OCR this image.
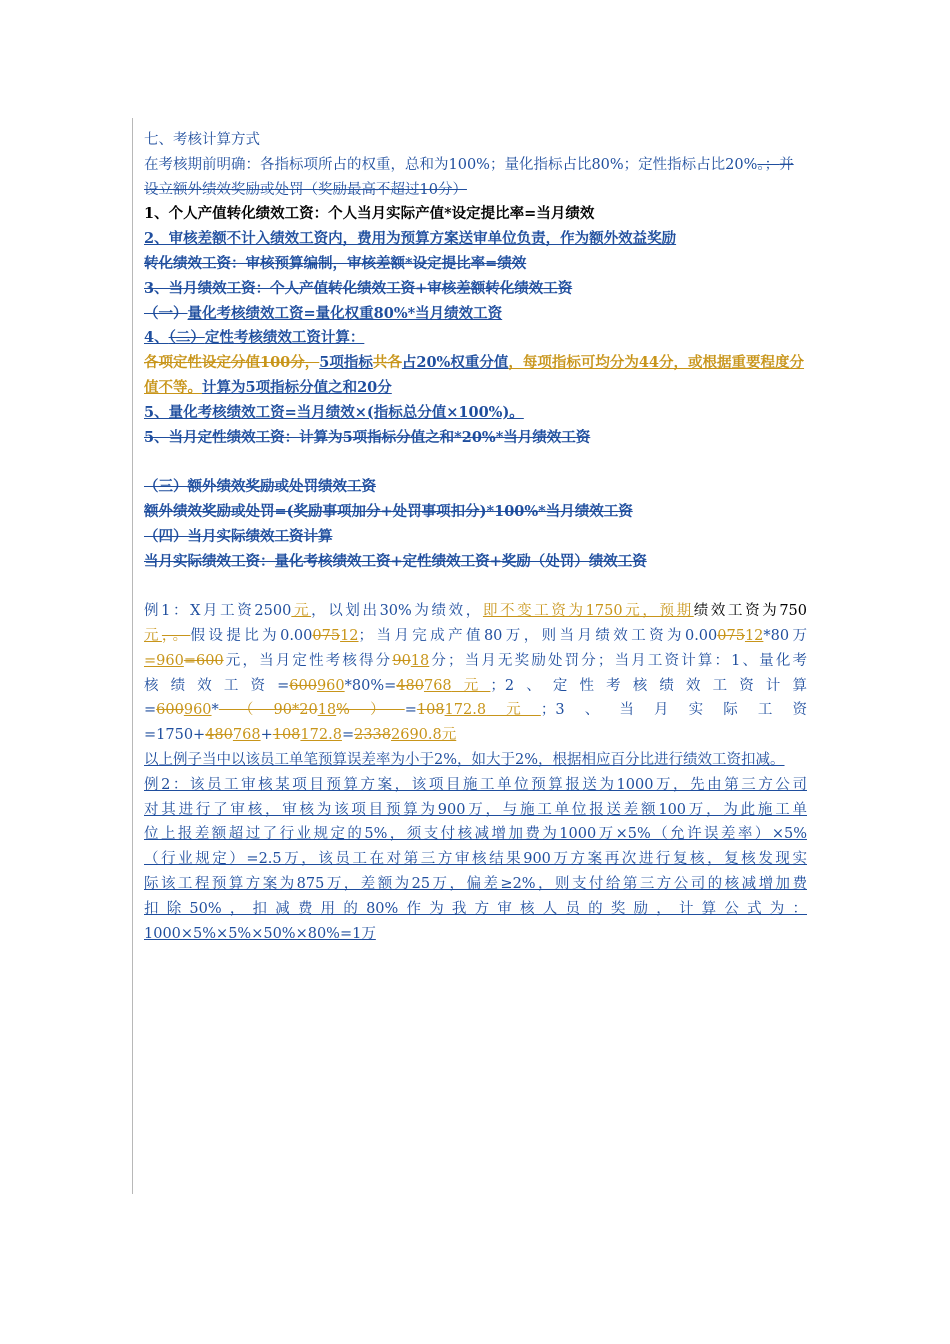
七、考核计算方式

在考核期前明确：各指标项所占的权重，总和为100%；量化指标占比80%；定性指标占比20%。；并设立额外绩效奖励或处罚（奖励最高不超过10分）

1、个人产值转化绩效工资：个人当月实际产值*设定提比率=当月绩效

2、审核差额不计入绩效工资内，费用为预算方案送审单位负责，作为额外效益奖励

转化绩效工资：审核预算编制，审核差额*设定提比率=绩效

3、当月绩效工资：个人产值转化绩效工资+审核差额转化绩效工资

（一）量化考核绩效工资=量化权重80%*当月绩效工资

4、（二）定性考核绩效工资计算：

各项定性设定分值100分，5项指标共各占20%权重分值，每项指标可均分为44分，或根据重要程度分值不等。计算为5项指标分值之和20分

5、量化考核绩效工资=当月绩效×(指标总分值×100%)。

5、当月定性绩效工资：计算为5项指标分值之和*20%*当月绩效工资

（三）额外绩效奖励或处罚绩效工资

额外绩效奖励或处罚=(奖励事项加分+处罚事项扣分)*100%*当月绩效工资

（四）当月实际绩效工资计算

当月实际绩效工资：量化考核绩效工资+定性绩效工资+奖励（处罚）绩效工资

例1：X月工资2500元，以划出30%为绩效，即不变工资为1750元，预期绩效工资为750

元，。假设提比为0.0007512；当月完成产值80万，则当月绩效工资为0.0007512*80万

=960=600元，当月定性考核得分9018分；当月无奖励处罚分；当月工资计算：1、量化考

核绩效工资=600960*80%=480768元；2、定性考核绩效工资计算

=600960*（90*2018%）=108172.8元；3、当月实际工资

=1750+480768+108172.8=23382690.8元

以上例子当中以该员工单笔预算误差率为小于2%，如大于2%，根据相应百分比进行绩效工资扣减。

例2：该员工审核某项目预算方案，该项目施工单位预算报送为1000万，先由第三方公司

对其进行了审核，审核为该项目预算为900万，与施工单位报送差额100万，为此施工单

位上报差额超过了行业规定的5%，须支付核减增加费为1000万×5%（允许误差率）×5%

（行业规定）=2.5万，该员工在对第三方审核结果900万方案再次进行复核，复核发现实

际该工程预算方案为875万，差额为25万，偏差≥2%，则支付给第三方公司的核减增加费

扣除50%，扣减费用的80%作为我方审核人员的奖励，计算公式为：

1000×5%×5%×50%×80%=1万
